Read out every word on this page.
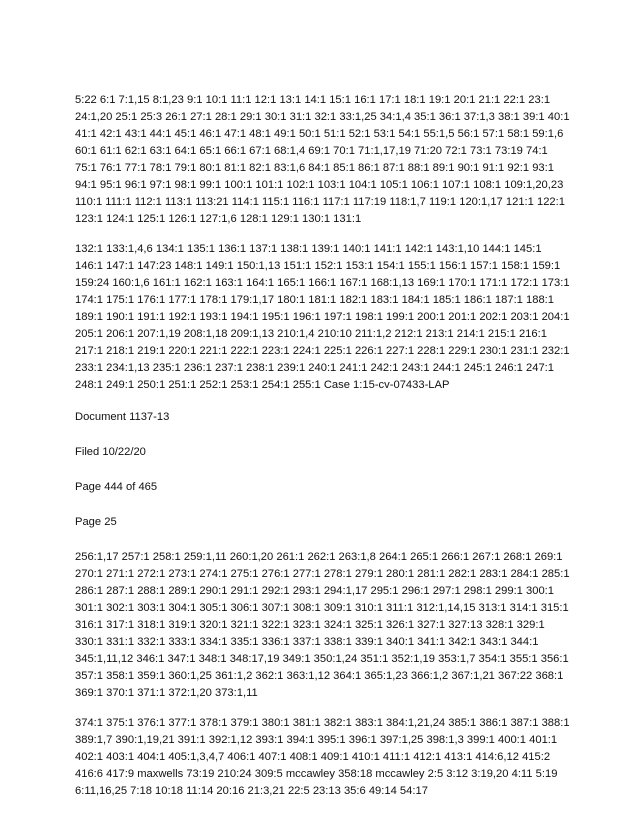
5:22 6:1 7:1,15 8:1,23 9:1 10:1 11:1 12:1 13:1 14:1 15:1 16:1 17:1 18:1 19:1 20:1 21:1 22:1 23:1 24:1,20 25:1 25:3 26:1 27:1 28:1 29:1 30:1 31:1 32:1 33:1,25 34:1,4 35:1 36:1 37:1,3 38:1 39:1 40:1 41:1 42:1 43:1 44:1 45:1 46:1 47:1 48:1 49:1 50:1 51:1 52:1 53:1 54:1 55:1,5 56:1 57:1 58:1 59:1,6 60:1 61:1 62:1 63:1 64:1 65:1 66:1 67:1 68:1,4 69:1 70:1 71:1,17,19 71:20 72:1 73:1 73:19 74:1 75:1 76:1 77:1 78:1 79:1 80:1 81:1 82:1 83:1,6 84:1 85:1 86:1 87:1 88:1 89:1 90:1 91:1 92:1 93:1 94:1 95:1 96:1 97:1 98:1 99:1 100:1 101:1 102:1 103:1 104:1 105:1 106:1 107:1 108:1 109:1,20,23 110:1 111:1 112:1 113:1 113:21 114:1 115:1 116:1 117:1 117:19 118:1,7 119:1 120:1,17 121:1 122:1 123:1 124:1 125:1 126:1 127:1,6 128:1 129:1 130:1 131:1

132:1 133:1,4,6 134:1 135:1 136:1 137:1 138:1 139:1 140:1 141:1 142:1 143:1,10 144:1 145:1 146:1 147:1 147:23 148:1 149:1 150:1,13 151:1 152:1 153:1 154:1 155:1 156:1 157:1 158:1 159:1 159:24 160:1,6 161:1 162:1 163:1 164:1 165:1 166:1 167:1 168:1,13 169:1 170:1 171:1 172:1 173:1 174:1 175:1 176:1 177:1 178:1 179:1,17 180:1 181:1 182:1 183:1 184:1 185:1 186:1 187:1 188:1 189:1 190:1 191:1 192:1 193:1 194:1 195:1 196:1 197:1 198:1 199:1 200:1 201:1 202:1 203:1 204:1 205:1 206:1 207:1,19 208:1,18 209:1,13 210:1,4 210:10 211:1,2 212:1 213:1 214:1 215:1 216:1 217:1 218:1 219:1 220:1 221:1 222:1 223:1 224:1 225:1 226:1 227:1 228:1 229:1 230:1 231:1 232:1 233:1 234:1,13 235:1 236:1 237:1 238:1 239:1 240:1 241:1 242:1 243:1 244:1 245:1 246:1 247:1 248:1 249:1 250:1 251:1 252:1 253:1 254:1 255:1 Case 1:15-cv-07433-LAP

Document 1137-13

Filed 10/22/20

Page 444 of 465

Page 25

256:1,17 257:1 258:1 259:1,11 260:1,20 261:1 262:1 263:1,8 264:1 265:1 266:1 267:1 268:1 269:1 270:1 271:1 272:1 273:1 274:1 275:1 276:1 277:1 278:1 279:1 280:1 281:1 282:1 283:1 284:1 285:1 286:1 287:1 288:1 289:1 290:1 291:1 292:1 293:1 294:1,17 295:1 296:1 297:1 298:1 299:1 300:1 301:1 302:1 303:1 304:1 305:1 306:1 307:1 308:1 309:1 310:1 311:1 312:1,14,15 313:1 314:1 315:1 316:1 317:1 318:1 319:1 320:1 321:1 322:1 323:1 324:1 325:1 326:1 327:1 327:13 328:1 329:1 330:1 331:1 332:1 333:1 334:1 335:1 336:1 337:1 338:1 339:1 340:1 341:1 342:1 343:1 344:1 345:1,11,12 346:1 347:1 348:1 348:17,19 349:1 350:1,24 351:1 352:1,19 353:1,7 354:1 355:1 356:1 357:1 358:1 359:1 360:1,25 361:1,2 362:1 363:1,12 364:1 365:1,23 366:1,2 367:1,21 367:22 368:1 369:1 370:1 371:1 372:1,20 373:1,11

374:1 375:1 376:1 377:1 378:1 379:1 380:1 381:1 382:1 383:1 384:1,21,24 385:1 386:1 387:1 388:1 389:1,7 390:1,19,21 391:1 392:1,12 393:1 394:1 395:1 396:1 397:1,25 398:1,3 399:1 400:1 401:1 402:1 403:1 404:1 405:1,3,4,7 406:1 407:1 408:1 409:1 410:1 411:1 412:1 413:1 414:6,12 415:2 416:6 417:9 maxwells 73:19 210:24 309:5 mccawley 358:18 mccawley 2:5 3:12 3:19,20 4:11 5:19 6:11,16,25 7:18 10:18 11:14 20:16 21:3,21 22:5 23:13 35:6 49:14 54:17
